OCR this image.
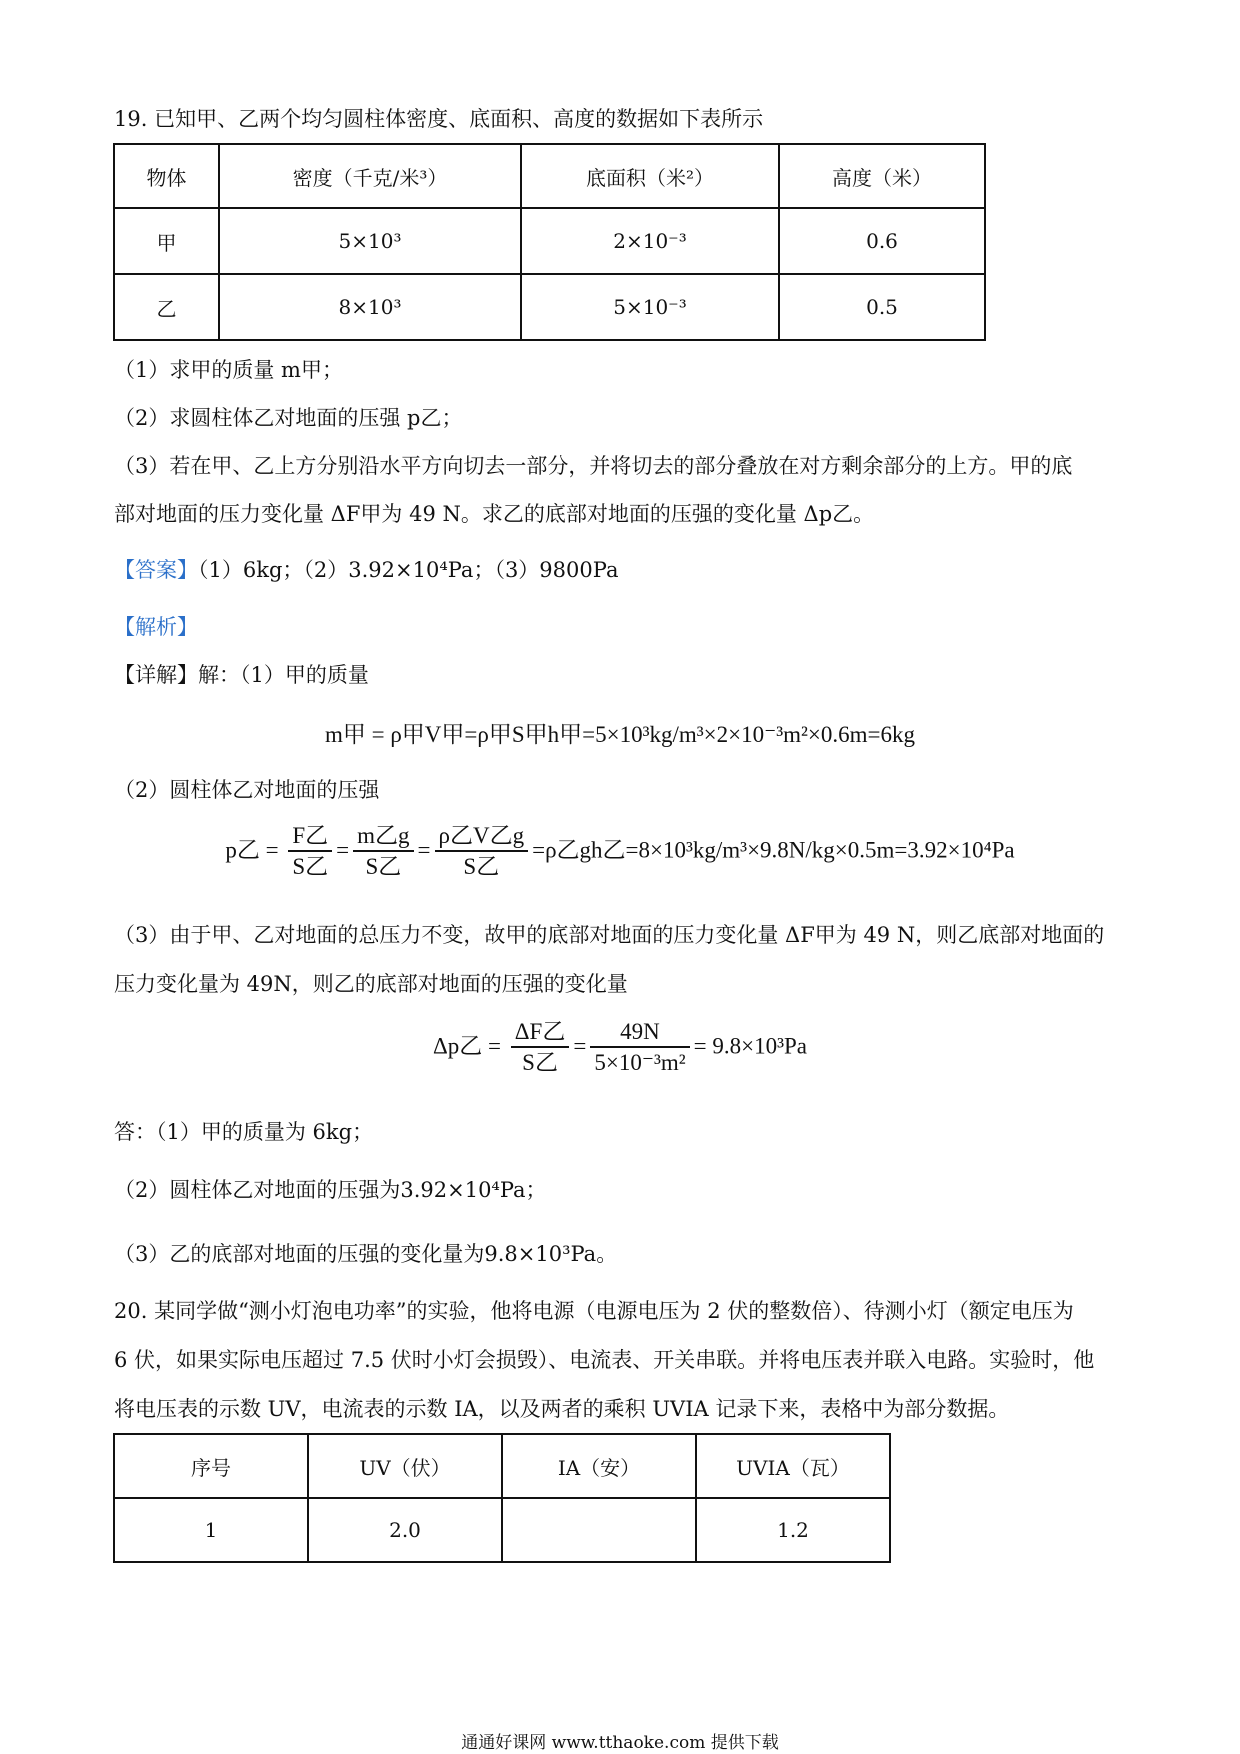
19. 已知甲、乙两个均匀圆柱体密度、底面积、高度的数据如下表所示
物体	密度（千克/米³）	底面积（米²）	高度（米）
甲	5×10³	2×10⁻³	0.6
乙	8×10³	5×10⁻³	0.5
（1）求甲的质量 m甲；
（2）求圆柱体乙对地面的压强 p乙；
（3）若在甲、乙上方分别沿水平方向切去一部分，并将切去的部分叠放在对方剩余部分的上方。甲的底
部对地面的压力变化量 ΔF甲为 49 N。求乙的底部对地面的压强的变化量 Δp乙。
【答案】（1）6kg；（2）3.92×10⁴Pa；（3）9800Pa
【解析】
【详解】解：（1）甲的质量
m甲 = ρ甲V甲=ρ甲S甲h甲=5×10³kg/m³×2×10⁻³m²×0.6m=6kg
（2）圆柱体乙对地面的压强
p乙 = $\frac{\text{F乙}}{\text{S乙}} = \frac{\text{m乙g}}{\text{S乙}} = \frac{\text{ρ乙V乙g}}{\text{S乙}} =\rho$乙gh乙=8×10³kg/m³×9.8N/kg×0.5m=3.92×10⁴Pa
（3）由于甲、乙对地面的总压力不变，故甲的底部对地面的压力变化量 ΔF甲为 49 N，则乙底部对地面的
压力变化量为 49N，则乙的底部对地面的压强的变化量
Δp乙 = $\frac{\text{ΔF乙}}{\text{S乙}} = \frac{49N}{\text{5×10⁻³m²}} = 9.8\times 10^3Pa$
答：（1）甲的质量为 6kg；
（2）圆柱体乙对地面的压强为3.92×10⁴Pa；
（3）乙的底部对地面的压强的变化量为9.8×10³Pa。
20. 某同学做“测小灯泡电功率”的实验，他将电源（电源电压为 2 伏的整数倍）、待测小灯（额定电压为
6 伏，如果实际电压超过 7.5 伏时小灯会损毁）、电流表、开关串联。并将电压表并联入电路。实验时，他
将电压表的示数 UV，电流表的示数 IA，以及两者的乘积 UVIA 记录下来，表格中为部分数据。
序号	UV（伏）	IA（安）	UVIA（瓦）
1	2.0		1.2
通通好课网 www.tthaoke.com 提供下载
